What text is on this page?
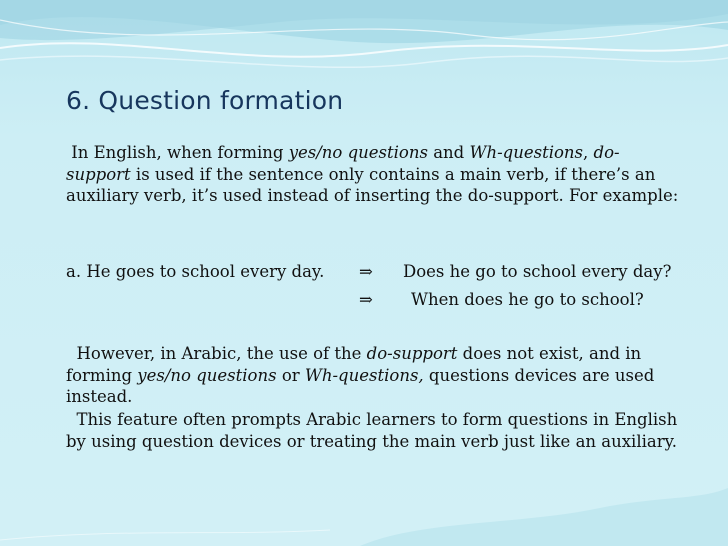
6. Question formation

In English, when forming yes/no questions and Wh-questions, do-support is used if the sentence only contains a main verb, if there’s an auxiliary verb, it’s used instead of inserting the do-support. For example:

a. He goes to school every day. ⇒ Does he go to school every day?

⇒ When does he go to school?

However, in Arabic, the use of the do-support does not exist, and in forming yes/no questions or Wh-questions, questions devices are used instead.

This feature often prompts Arabic learners to form questions in English by using question devices or treating the main verb just like an auxiliary.
